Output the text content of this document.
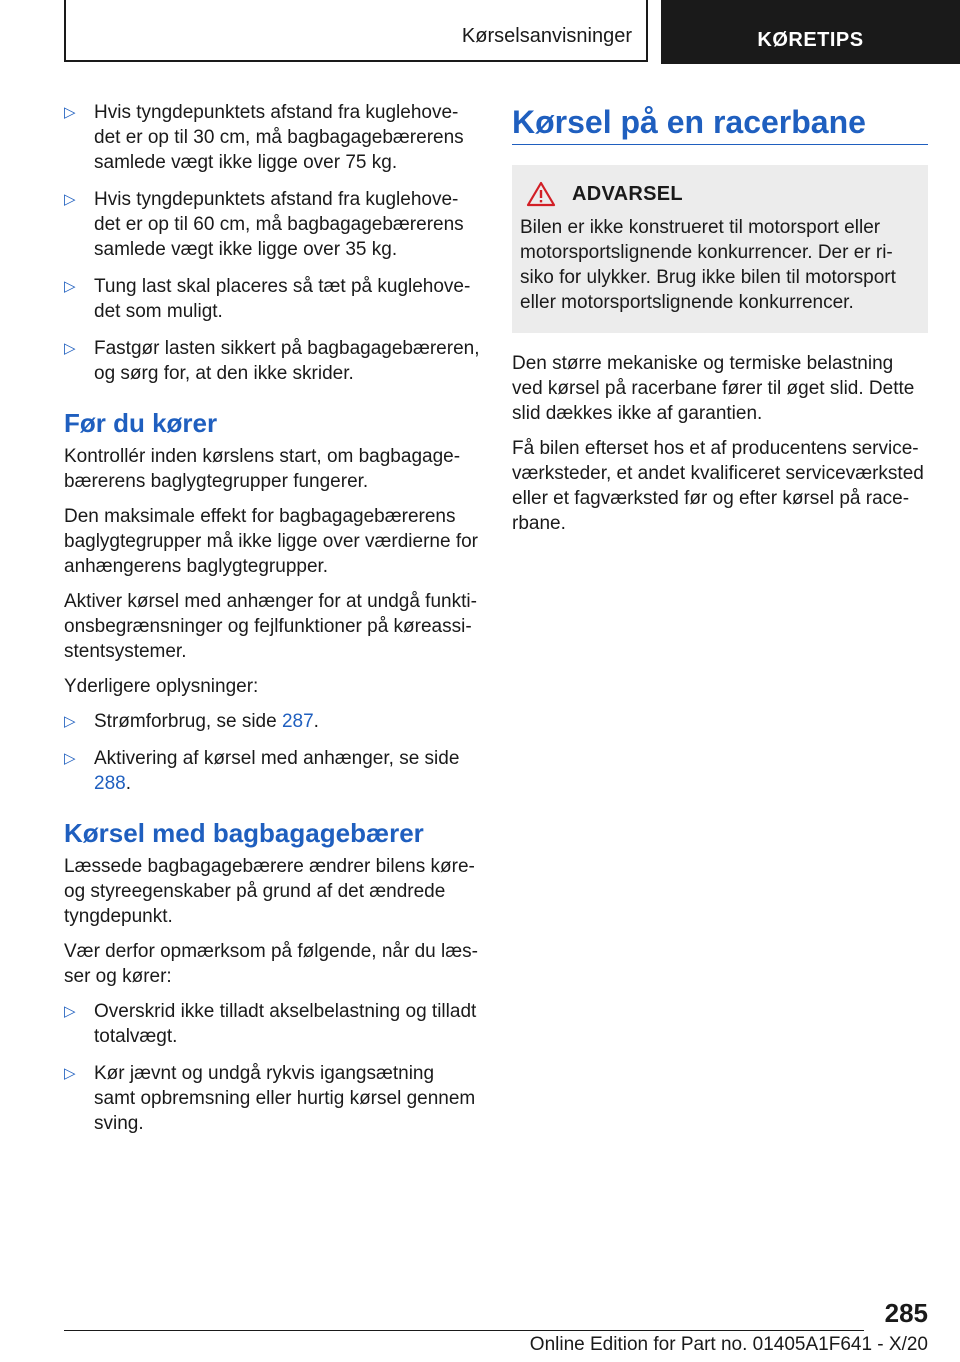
Kørselsanvisninger	KØRETIPS
▷ Hvis tyngdepunktets afstand fra kuglehove-det er op til 30 cm, må bagbagagebærerens samlede vægt ikke ligge over 75 kg.
▷ Hvis tyngdepunktets afstand fra kuglehove-det er op til 60 cm, må bagbagagebærerens samlede vægt ikke ligge over 35 kg.
▷ Tung last skal placeres så tæt på kuglehove-det som muligt.
▷ Fastgør lasten sikkert på bagbagagebæreren, og sørg for, at den ikke skrider.
Før du kører

Kontrollér inden kørslens start, om bagbagage-bærerens baglygtegrupper fungerer.

Den maksimale effekt for bagbagagebærerens baglygtegrupper må ikke ligge over værdierne for anhængerens baglygtegrupper.

Aktiver kørsel med anhænger for at undgå funkti-onsbegrænsninger og fejlfunktioner på køreassi-stentsystemer.

Yderligere oplysninger:

▷ Strømforbrug, se side 287.
▷ Aktivering af kørsel med anhænger, se side 288.
Kørsel med bagbagagebærer

Læssede bagbagagebærere ændrer bilens køre- og styreegenskaber på grund af det ændrede tyngdepunkt.

Vær derfor opmærksom på følgende, når du læs-ser og kører:

▷ Overskrid ikke tilladt akselbelastning og tilladt totalvægt.
▷ Kør jævnt og undgå rykvis igangsætning samt opbremsning eller hurtig kørsel gennem sving.
Kørsel på en racerbane
ADVARSEL

Bilen er ikke konstrueret til motorsport eller motorsportslignende konkurrencer. Der er ri-siko for ulykker. Brug ikke bilen til motorsport eller motorsportslignende konkurrencer.

Den større mekaniske og termiske belastning ved kørsel på racerbane fører til øget slid. Dette slid dækkes ikke af garantien.

Få bilen efterset hos et af producentens service-værksteder, et andet kvalificeret serviceværksted eller et fagværksted før og efter kørsel på race-rbane.

285
Online Edition for Part no. 01405A1F641 - X/20
